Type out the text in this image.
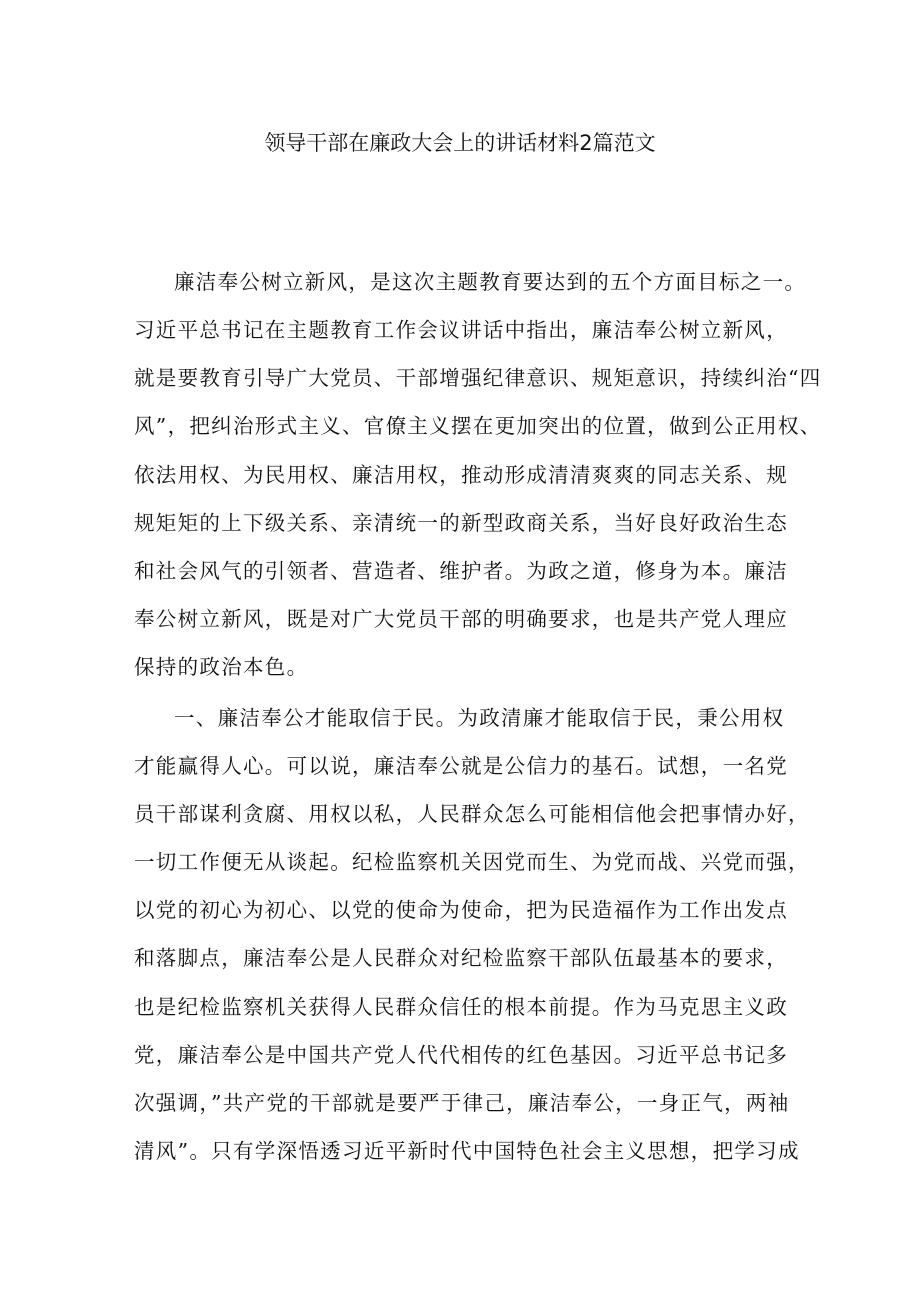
领导干部在廉政大会上的讲话材料2篇范文
廉洁奉公树立新风，是这次主题教育要达到的五个方面目标之一。
习近平总书记在主题教育工作会议讲话中指出，廉洁奉公树立新风，
就是要教育引导广大党员、干部增强纪律意识、规矩意识，持续纠治“四
风”，把纠治形式主义、官僚主义摆在更加突出的位置，做到公正用权、
依法用权、为民用权、廉洁用权，推动形成清清爽爽的同志关系、规
规矩矩的上下级关系、亲清统一的新型政商关系，当好良好政治生态
和社会风气的引领者、营造者、维护者。为政之道，修身为本。廉洁
奉公树立新风，既是对广大党员干部的明确要求，也是共产党人理应
保持的政治本色。
一、廉洁奉公才能取信于民。为政清廉才能取信于民，秉公用权
才能赢得人心。可以说，廉洁奉公就是公信力的基石。试想，一名党
员干部谋利贪腐、用权以私，人民群众怎么可能相信他会把事情办好，
一切工作便无从谈起。纪检监察机关因党而生、为党而战、兴党而强，
以党的初心为初心、以党的使命为使命，把为民造福作为工作出发点
和落脚点，廉洁奉公是人民群众对纪检监察干部队伍最基本的要求，
也是纪检监察机关获得人民群众信任的根本前提。作为马克思主义政
党，廉洁奉公是中国共产党人代代相传的红色基因。习近平总书记多
次强调，”共产党的干部就是要严于律己，廉洁奉公，一身正气，两袖
清风”。只有学深悟透习近平新时代中国特色社会主义思想，把学习成
